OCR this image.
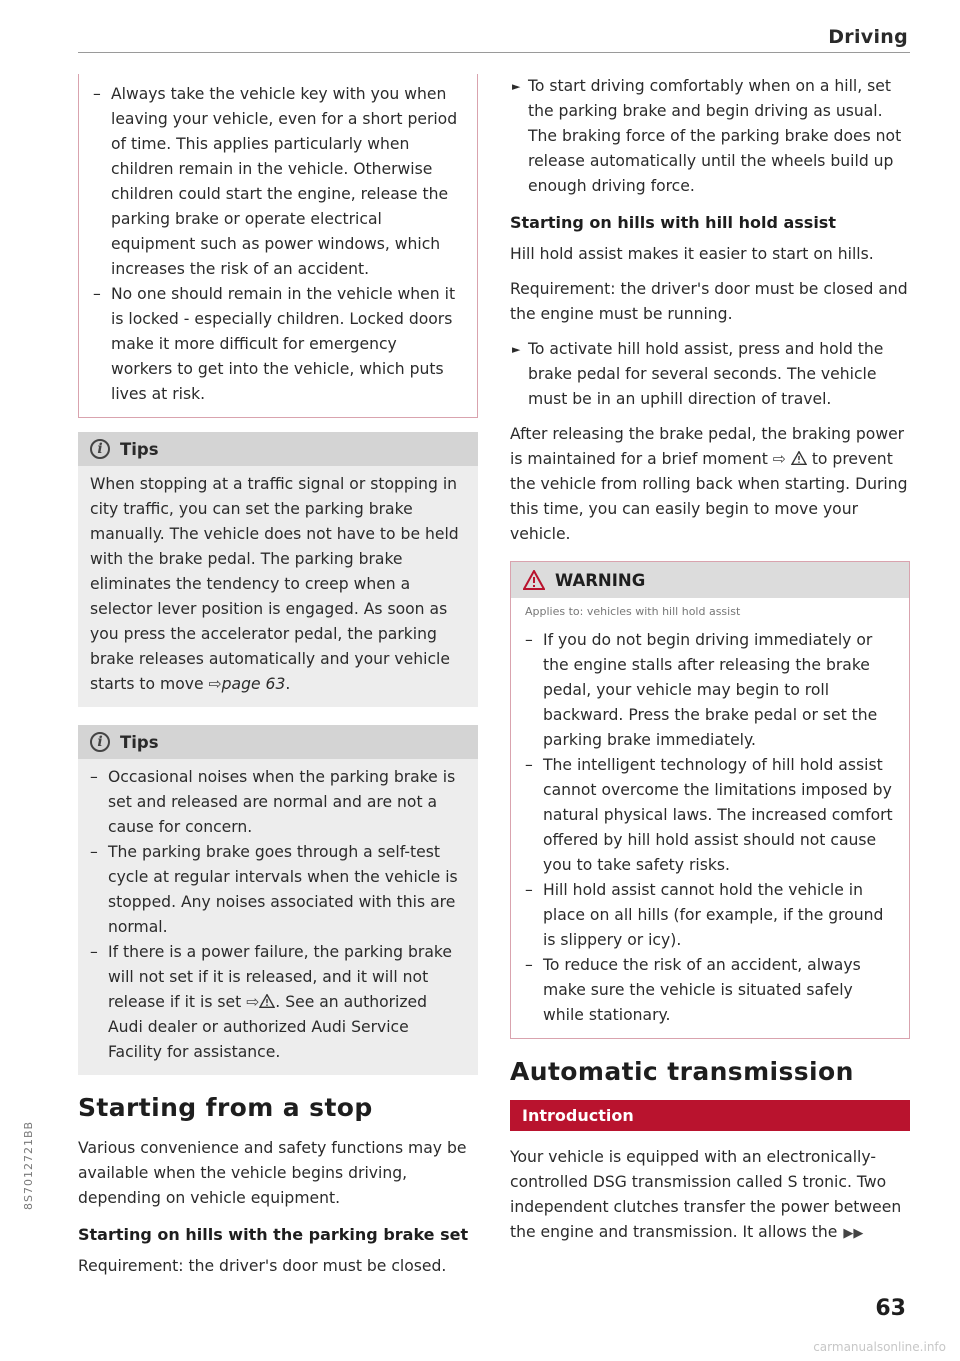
Driving
– Always take the vehicle key with you when leaving your vehicle, even for a short period of time. This applies particularly when children remain in the vehicle. Otherwise children could start the engine, release the parking brake or operate electrical equipment such as power windows, which increases the risk of an accident.
– No one should remain in the vehicle when it is locked - especially children. Locked doors make it more difficult for emergency workers to get into the vehicle, which puts lives at risk.
i	Tips

When stopping at a traffic signal or stopping in city traffic, you can set the parking brake manually. The vehicle does not have to be held with the brake pedal. The parking brake eliminates the tendency to creep when a selector lever position is engaged. As soon as you press the accelerator pedal, the parking brake releases automatically and your vehicle starts to move ⇨page 63.

i	Tips
– Occasional noises when the parking brake is set and released are normal and are not a cause for concern.
– The parking brake goes through a self-test cycle at regular intervals when the vehicle is stopped. Any noises associated with this are normal.
– If there is a power failure, the parking brake will not set if it is released, and it will not release if it is set ⇨ . See an authorized Audi dealer or authorized Audi Service Facility for assistance.
Starting from a stop

Various convenience and safety functions may be available when the vehicle begins driving, depending on vehicle equipment.

Starting on hills with the parking brake set

Requirement: the driver's door must be closed.

8S7012721BB

► To start driving comfortably when on a hill, set the parking brake and begin driving as usual. The braking force of the parking brake does not release automatically until the wheels build up enough driving force.

Starting on hills with hill hold assist

Hill hold assist makes it easier to start on hills.

Requirement: the driver's door must be closed and the engine must be running.

► To activate hill hold assist, press and hold the brake pedal for several seconds. The vehicle must be in an uphill direction of travel.

After releasing the brake pedal, the braking power is maintained for a brief moment ⇨ to prevent the vehicle from rolling back when starting. During this time, you can easily begin to move your vehicle.

WARNING
Applies to: vehicles with hill hold assist
– If you do not begin driving immediately or the engine stalls after releasing the brake pedal, your vehicle may begin to roll backward. Press the brake pedal or set the parking brake immediately.
– The intelligent technology of hill hold assist cannot overcome the limitations imposed by natural physical laws. The increased comfort offered by hill hold assist should not cause you to take safety risks.
– Hill hold assist cannot hold the vehicle in place on all hills (for example, if the ground is slippery or icy).
– To reduce the risk of an accident, always make sure the vehicle is situated safely while stationary.
Automatic transmission
Introduction

Your vehicle is equipped with an electronically-controlled DSG transmission called S tronic. Two independent clutches transfer the power between the engine and transmission. It allows the ▶▶

63
carmanualsonline.info
